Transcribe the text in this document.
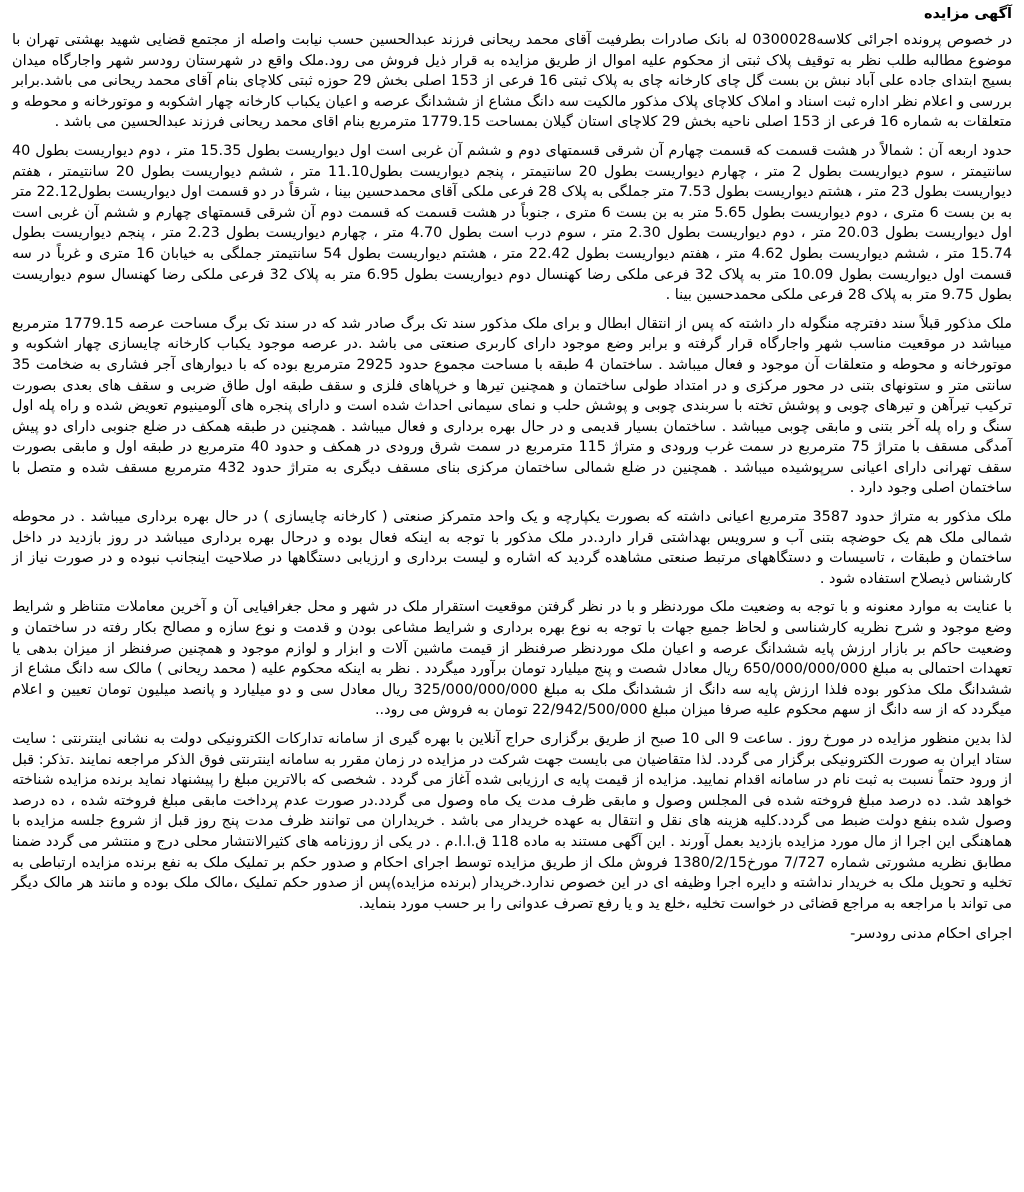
آگهی مزایده

در خصوص پرونده اجرائی کلاسه0300028 له بانک صادرات بطرفیت آقای محمد ریحانی فرزند عبدالحسین حسب نیابت واصله از مجتمع قضایی شهید بهشتی تهران با موضوع مطالبه طلب نظر به توقیف پلاک ثبتی از محکوم علیه اموال از طریق مزایده به قرار ذیل فروش می رود.ملک واقع در شهرستان رودسر شهر واجارگاه میدان بسیج ابتدای جاده علی آباد نبش بن بست گل چای کارخانه چای به پلاک ثبتی 16 فرعی از 153 اصلی بخش 29 حوزه ثبتی کلاچای بنام آقای محمد ریحانی می باشد.برابر بررسی و اعلام نظر اداره ثبت اسناد و املاک کلاچای پلاک مذکور مالکیت سه دانگ مشاع از ششدانگ عرصه و اعیان یکباب کارخانه چهار اشکوبه و موتورخانه و محوطه و متعلقات به شماره 16 فرعی از 153 اصلی ناحیه بخش 29 کلاچای استان گیلان بمساحت 1779.15 مترمربع بنام اقای محمد ریحانی فرزند عبدالحسین می باشد .

حدود اربعه آن : شمالاً در هشت قسمت که قسمت چهارم آن شرقی قسمتهای دوم و ششم آن غربی است اول دیواریست بطول 15.35 متر ، دوم دیواریست بطول 40 سانتیمتر ، سوم دیواریست بطول 2 متر ، چهارم دیواریست بطول 20 سانتیمتر ، پنجم دیواریست بطول11.10 متر ، ششم دیواریست بطول 20 سانتیمتر ، هفتم دیواریست بطول 23 متر ، هشتم دیواریست بطول 7.53 متر جملگی به پلاک 28 فرعی ملکی آقای محمدحسین بینا ، شرقاً در دو قسمت اول دیواریست بطول22.12 متر به بن بست 6 متری ، دوم دیواریست بطول 5.65 متر به بن بست 6 متری ، جنوباً در هشت قسمت که قسمت دوم آن شرقی قسمتهای چهارم و ششم آن غربی است اول دیواریست بطول 20.03 متر ، دوم دیواریست بطول 2.30 متر ، سوم درب است بطول 4.70 متر ، چهارم دیواریست بطول 2.23 متر ، پنجم دیواریست بطول 15.74 متر ، ششم دیواریست بطول 4.62 متر ، هفتم دیواریست بطول 22.42 متر ، هشتم دیواریست بطول 54 سانتیمتر جملگی به خیابان 16 متری و غرباً در سه قسمت اول دیواریست بطول 10.09 متر به پلاک 32 فرعی ملکی رضا کهنسال دوم دیواریست بطول 6.95 متر به پلاک 32 فرعی ملکی رضا کهنسال سوم دیواریست بطول 9.75 متر به پلاک 28 فرعی ملکی محمدحسین بینا .

ملک مذکور قبلاً سند دفترچه منگوله دار داشته که پس از انتقال ابطال و برای ملک مذکور سند تک برگ صادر شد که در سند تک برگ مساحت عرصه 1779.15 مترمربع میباشد در موقعیت مناسب شهر واجارگاه قرار گرفته و برابر وضع موجود دارای کاربری صنعتی می باشد .در عرصه موجود یکباب کارخانه چایسازی چهار اشکوبه و موتورخانه و محوطه و متعلقات آن موجود و فعال میباشد . ساختمان 4 طبقه با مساحت مجموع حدود 2925 مترمربع بوده که با دیوارهای آجر فشاری به ضخامت 35 سانتی متر و ستونهای بتنی در محور مرکزی و در امتداد طولی ساختمان و همچنین تیرها و خرپاهای فلزی و سقف طبقه اول طاق ضربی و سقف های بعدی بصورت ترکیب تیرآهن و تیرهای چوبی و پوشش تخته با سربندی چوبی و پوشش حلب و نمای سیمانی احداث شده است و دارای پنجره های آلومینیوم تعویض شده و راه پله اول سنگ و راه پله آخر بتنی و مابقی چوبی میباشد . ساختمان بسیار قدیمی و در حال بهره برداری و فعال میباشد . همچنین در طبقه همکف در ضلع جنوبی دارای دو پیش آمدگی مسقف با متراژ 75 مترمربع در سمت غرب ورودی و متراژ 115 مترمربع در سمت شرق ورودی در همکف و حدود 40 مترمربع در طبقه اول و مابقی بصورت سقف تهرانی دارای اعیانی سرپوشیده میباشد . همچنین در ضلع شمالی ساختمان مرکزی بنای مسقف دیگری به متراژ حدود 432 مترمربع مسقف شده و متصل با ساختمان اصلی وجود دارد .

ملک مذکور به متراژ حدود 3587 مترمربع اعیانی داشته که بصورت یکپارچه و یک واحد متمرکز صنعتی ( کارخانه چایسازی ) در حال بهره برداری میباشد . در محوطه شمالی ملک هم یک حوضچه بتنی آب و سرویس بهداشتی قرار دارد.در ملک مذکور با توجه به اینکه فعال بوده و درحال بهره برداری میباشد در روز بازدید در داخل ساختمان و طبقات ، تاسیسات و دستگاههای مرتبط صنعتی مشاهده گردید که اشاره و لیست برداری و ارزیابی دستگاهها در صلاحیت اینجانب نبوده و در صورت نیاز از کارشناس ذیصلاح استفاده شود .

با عنایت به موارد معنونه و با توجه به وضعیت ملک موردنظر و با در نظر گرفتن موقعیت استقرار ملک در شهر و محل جغرافیایی آن و آخرین معاملات متناظر و شرایط وضع موجود و شرح نظریه کارشناسی و لحاظ جمیع جهات با توجه به نوع بهره برداری و شرایط مشاعی بودن و قدمت و نوع سازه و مصالح بکار رفته در ساختمان و وضعیت حاکم بر بازار ارزش پایه ششدانگ عرصه و اعیان ملک موردنظر صرفنظر از قیمت ماشین آلات و ابزار و لوازم موجود و همچنین صرفنظر از میزان بدهی یا تعهدات احتمالی به مبلغ 650/000/000/000 ریال معادل شصت و پنج میلیارد تومان برآورد میگردد . نظر به اینکه محکوم علیه ( محمد ریحانی ) مالک سه دانگ مشاع از ششدانگ ملک مذکور بوده فلذا ارزش پایه سه دانگ از ششدانگ ملک به مبلغ 325/000/000/000 ریال معادل سی و دو میلیارد و پانصد میلیون تومان تعیین و اعلام میگردد که از سه دانگ از سهم محکوم علیه صرفا میزان مبلغ 22/942/500/000 تومان به فروش می رود..

لذا بدین منظور مزایده در مورخ روز . ساعت 9 الی 10 صبح از طریق برگزاری حراج آنلاین با بهره گیری از سامانه تدارکات الکترونیکی دولت به نشانی اینترنتی : سایت ستاد ایران به صورت الکترونیکی برگزار می گردد. لذا متقاضیان می بایست جهت شرکت در مزایده در زمان مقرر به سامانه اینترنتی فوق الذکر مراجعه نمایند .تذکر: قبل از ورود حتماً نسبت به ثبت نام در سامانه اقدام نمایید. مزایده از قیمت پایه ی ارزیابی شده آغاز می گردد . شخصی که بالاترین مبلغ را پیشنهاد نماید برنده مزایده شناخته خواهد شد. ده درصد مبلغ فروخته شده فی المجلس وصول و مابقی ظرف مدت یک ماه وصول می گردد.در صورت عدم پرداخت مابقی مبلغ فروخته شده ، ده درصد وصول شده بنفع دولت ضبط می گردد.کلیه هزینه های نقل و انتقال به عهده خریدار می باشد . خریداران می توانند ظرف مدت پنج روز قبل از شروع جلسه مزایده با هماهنگی این اجرا از مال مورد مزایده بازدید بعمل آورند . این آگهی مستند به ماده 118 ق.ا.ا.م . در یکی از روزنامه های کثیرالانتشار محلی درج و منتشر می گردد ضمنا مطابق نظریه مشورتی شماره 7/727 مورخ1380/2/15 فروش ملک از طریق مزایده توسط اجرای احکام و صدور حکم بر تملیک ملک به نفع برنده مزایده ارتباطی به تخلیه و تحویل ملک به خریدار نداشته و دایره اجرا وظیفه ای در این خصوص ندارد.خریدار (برنده مزایده)پس از صدور حکم تملیک ،مالک ملک بوده و مانند هر مالک دیگر می تواند با مراجعه به مراجع قضائی در خواست تخلیه ،خلع ید و یا رفع تصرف عدوانی را بر حسب مورد بنماید.

اجرای احکام مدنی رودسر-
